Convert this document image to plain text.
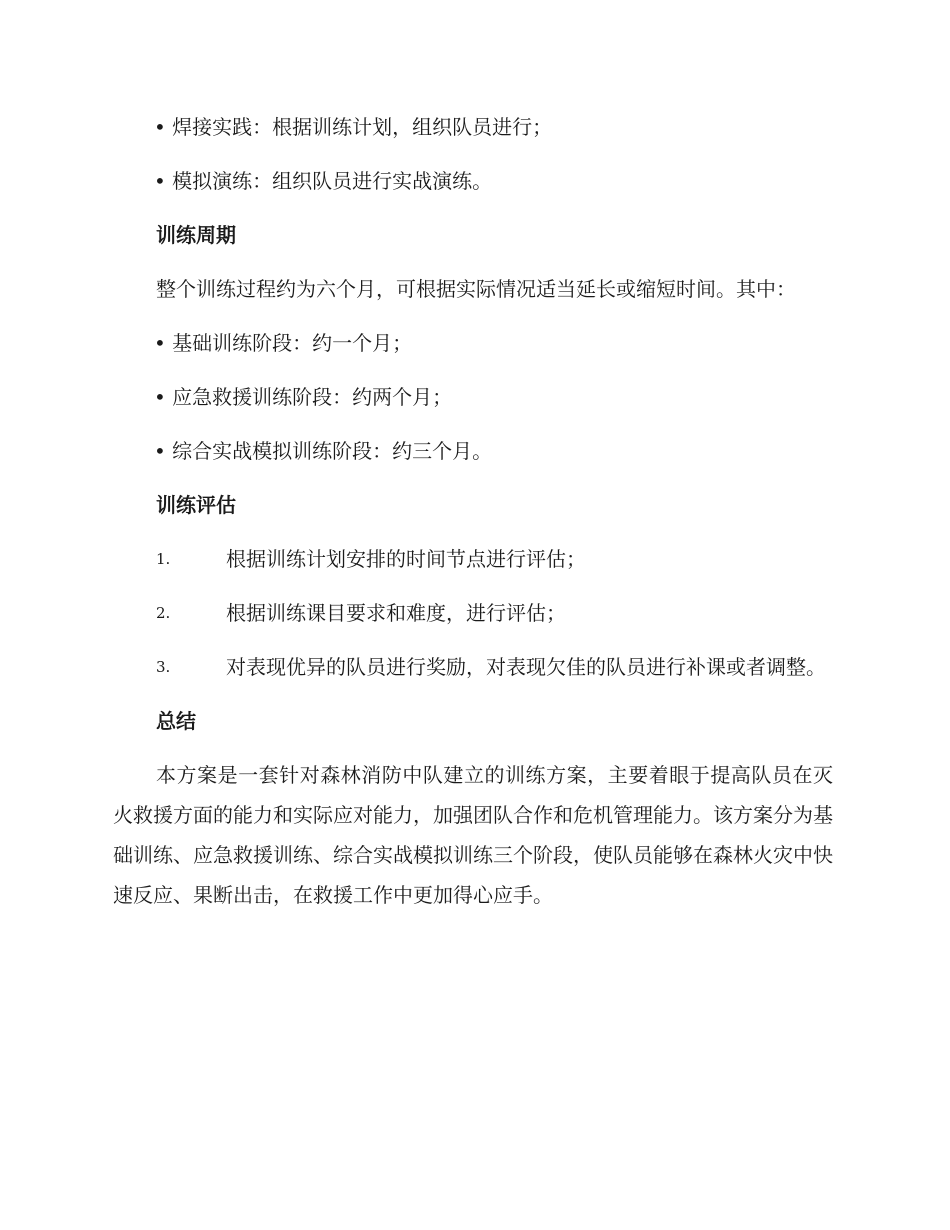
• 焊接实践：根据训练计划，组织队员进行；

• 模拟演练：组织队员进行实战演练。

训练周期

整个训练过程约为六个月，可根据实际情况适当延长或缩短时间。其中：

• 基础训练阶段：约一个月；

• 应急救援训练阶段：约两个月；

• 综合实战模拟训练阶段：约三个月。

训练评估

1.	根据训练计划安排的时间节点进行评估；

2.	根据训练课目要求和难度，进行评估；

3.	对表现优异的队员进行奖励，对表现欠佳的队员进行补课或者调整。

总结

本方案是一套针对森林消防中队建立的训练方案，主要着眼于提高队员在灭火救援方面的能力和实际应对能力，加强团队合作和危机管理能力。该方案分为基础训练、应急救援训练、综合实战模拟训练三个阶段，使队员能够在森林火灾中快速反应、果断出击，在救援工作中更加得心应手。
